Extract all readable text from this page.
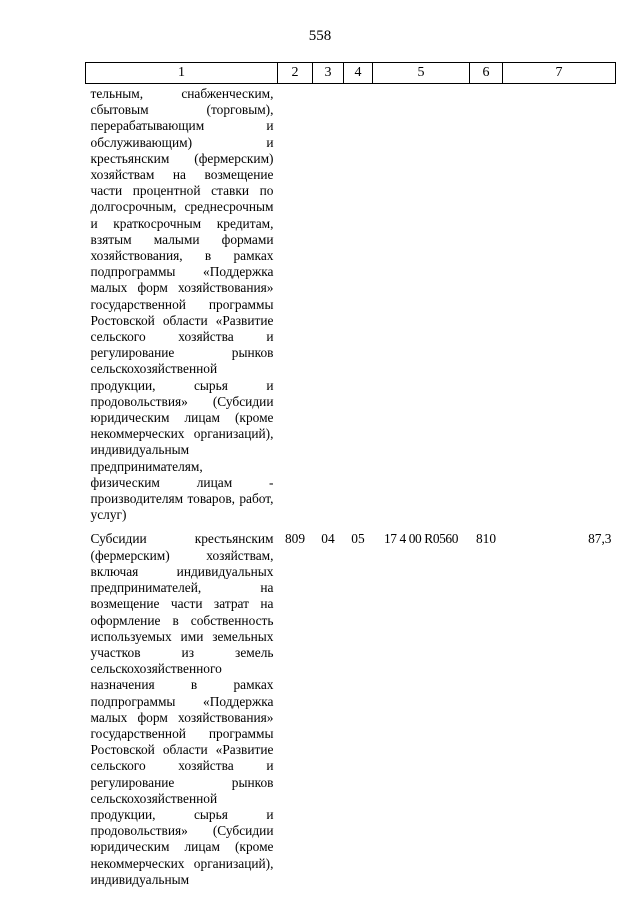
558
1	2	3	4	5	6	7
тельным, снабженческим, сбытовым (торговым), перерабатывающим и обслуживающим) и крестьянским (фермерским) хозяйствам на возмещение части процентной ставки по долгосрочным, среднесрочным и краткосрочным кредитам, взятым малыми формами хозяйствования, в рамках подпрограммы «Поддержка малых форм хозяйствования» государственной программы Ростовской области «Развитие сельского хозяйства и регулирование рынков сельскохозяйственной продукции, сырья и продовольствия» (Субсидии юридическим лицам (кроме некоммерческих организаций), индивидуальным предпринимателям, физическим лицам - производителям товаров, работ, услуг)						
Субсидии крестьянским (фермерским) хозяйствам, включая индивидуальных предпринимателей, на возмещение части затрат на оформление в собственность используемых ими земельных участков из земель сельскохозяйственного назначения в рамках подпрограммы «Поддержка малых форм хозяйствования» государственной программы Ростовской области «Развитие сельского хозяйства и регулирование рынков сельскохозяйственной продукции, сырья и продовольствия» (Субсидии юридическим лицам (кроме некоммерческих организаций), индивидуальным	809	04	05	17 4 00 R0560	810	87,3
